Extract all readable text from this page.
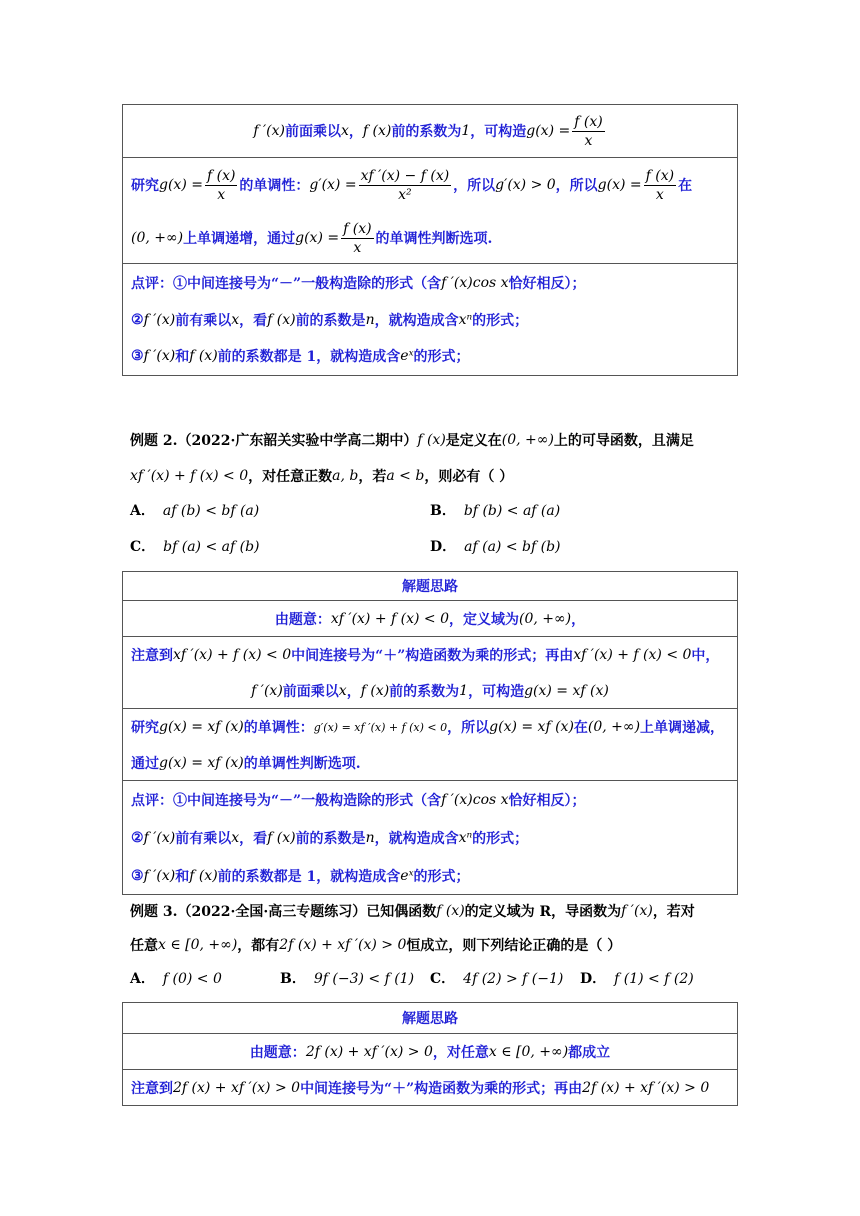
f ′(x) 前面乘以 x ， f (x) 前的系数为 1 ，可构造 $g(x) = \frac{f (x)}{x}$
研究 $g(x) = \frac{f (x)}{x}$ 的单调性： $g'(x) = \frac{xf '(x) - f (x)}{\text{x²}}$ ，所以 g′(x) > 0 ，所以 $g(x) = \frac{f (x)}{x}$ 在
(0, +∞) 上单调递增，通过 $g(x) = \frac{f (x)}{x}$ 的单调性判断选项.
点评：①中间连接号为“－”一般构造除的形式（含 f ′(x)cos x 恰好相反）；
② f ′(x) 前有乘以 x ，看 f (x) 前的系数是 n ，就构造成含 xⁿ 的形式；
③ f ′(x) 和 f (x) 前的系数都是 1，就构造成含 eˣ 的形式；
例题 2.（2022·广东韶关实验中学高二期中） f (x) 是定义在 (0, +∞) 上的可导函数，且满足
xf ′(x) + f (x) < 0 ，对任意正数 a, b ，若 a < b ，则必有（ ）
A． af (b) < bf (a)	B． bf (b) < af (a)
C． bf (a) < af (b)	D． af (a) < bf (b)
解题思路
由题意： xf ′(x) + f (x) < 0 ，定义域为 (0, +∞) ，
注意到 xf ′(x) + f (x) < 0 中间连接号为“＋”构造函数为乘的形式；再由 xf ′(x) + f (x) < 0 中，
f ′(x) 前面乘以 x ， f (x) 前的系数为 1 ，可构造 g(x) = xf (x)
研究 g(x) = xf (x) 的单调性： g′(x) = xf ′(x) + f (x) < 0 ，所以 g(x) = xf (x) 在 (0, +∞) 上单调递减，
通过 g(x) = xf (x) 的单调性判断选项.
点评：①中间连接号为“－”一般构造除的形式（含 f ′(x)cos x 恰好相反）；
② f ′(x) 前有乘以 x ，看 f (x) 前的系数是 n ，就构造成含 xⁿ 的形式；
③ f ′(x) 和 f (x) 前的系数都是 1，就构造成含 eˣ 的形式；
例题 3.（2022·全国·高三专题练习）已知偶函数 f (x) 的定义域为 R，导函数为 f ′(x) ，若对
任意 x ∈ [0, +∞) ，都有 2f (x) + xf ′(x) > 0 恒成立，则下列结论正确的是（ ）
A． f (0) < 0	B． 9f (−3) < f (1) C． 4f (2) > f (−1) D． f (1) < f (2)
解题思路
由题意： 2f (x) + xf ′(x) > 0 ，对任意 x ∈ [0, +∞) 都成立
注意到 2f (x) + xf ′(x) > 0 中间连接号为“＋”构造函数为乘的形式；再由 2f (x) + xf ′(x) > 0
